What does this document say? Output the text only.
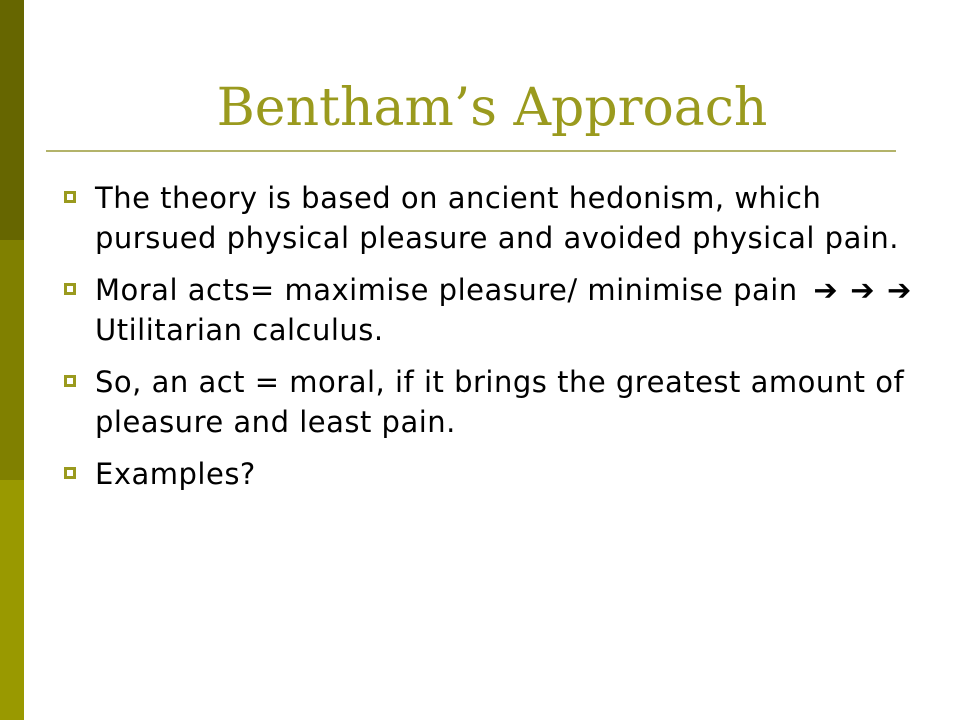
Bentham’s Approach
The theory is based on ancient hedonism, which pursued physical pleasure and avoided physical pain.
Moral acts= maximise pleasure/ minimise pain ➔ ➔ ➔ Utilitarian calculus.
So, an act = moral, if it brings the greatest amount of pleasure and least pain.
Examples?
